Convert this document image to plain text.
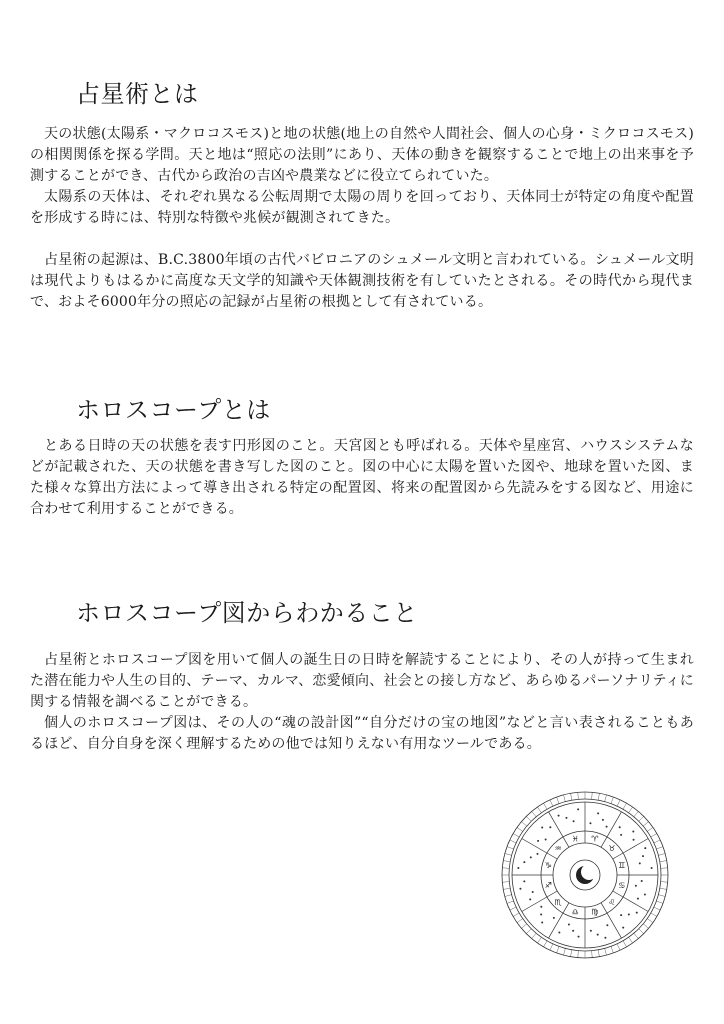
占星術とは

天の状態(太陽系・マクロコスモス)と地の状態(地上の自然や人間社会、個人の心身・ミクロコスモス)の相関関係を探る学問。天と地は“照応の法則”にあり、天体の動きを観察することで地上の出来事を予測することができ、古代から政治の吉凶や農業などに役立てられていた。

太陽系の天体は、それぞれ異なる公転周期で太陽の周りを回っており、天体同士が特定の角度や配置を形成する時には、特別な特徴や兆候が観測されてきた。

占星術の起源は、B.C.3800年頃の古代バビロニアのシュメール文明と言われている。シュメール文明は現代よりもはるかに高度な天文学的知識や天体観測技術を有していたとされる。その時代から現代まで、およそ6000年分の照応の記録が占星術の根拠として有されている。

ホロスコープとは

とある日時の天の状態を表す円形図のこと。天宮図とも呼ばれる。天体や星座宮、ハウスシステムなどが記載された、天の状態を書き写した図のこと。図の中心に太陽を置いた図や、地球を置いた図、また様々な算出方法によって導き出される特定の配置図、将来の配置図から先読みをする図など、用途に合わせて利用することができる。

ホロスコープ図からわかること

占星術とホロスコープ図を用いて個人の誕生日の日時を解読することにより、その人が持って生まれた潜在能力や人生の目的、テーマ、カルマ、恋愛傾向、社会との接し方など、あらゆるパーソナリティに関する情報を調べることができる。

個人のホロスコープ図は、その人の“魂の設計図”“自分だけの宝の地図”などと言い表されることもあるほど、自分自身を深く理解するための他では知りえない有用なツールである。

♈
♉
♊
♋
♌
♍
♎
♏
♐
♑
♒
♓
